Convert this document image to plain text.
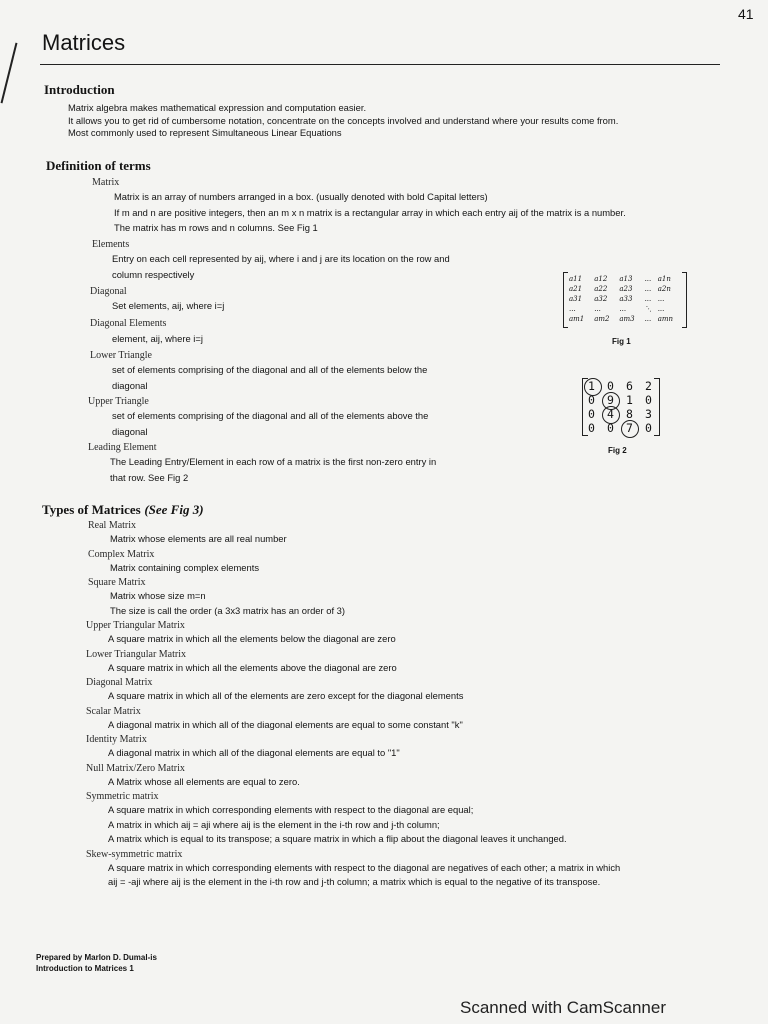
41
Matrices
Introduction
Matrix algebra makes mathematical expression and computation easier.
It allows you to get rid of cumbersome notation, concentrate on the concepts involved and understand where your results come from.
Most commonly used to represent Simultaneous Linear Equations
Definition of terms
Matrix
Matrix is an array of numbers arranged in a box. (usually denoted with bold Capital letters)
If m and n are positive integers, then an m x n matrix is a rectangular array in which each entry aij of the matrix is a number.
The matrix has m rows and n columns. See Fig 1
Elements
Entry on each cell represented by aij, where i and j are its location on the row and
column respectively
Diagonal
Set elements, aij, where i=j
Diagonal Elements
element, aij, where i=j
Lower Triangle
set of elements comprising of the diagonal and all of the elements below the
diagonal
Upper Triangle
set of elements comprising of the diagonal and all of the elements above the
diagonal
Leading Element
The Leading Entry/Element in each row of a matrix is the first non-zero entry in
that row. See Fig 2
a11	a12	a13	...	a1n
a21	a22	a23	...	a2n
a31	a32	a33	...	...
...	...	...	⋱	...
am1	am2	am3	...	amn
Fig 1
1 0 6 2
0 9 1 0
0 4 8 3
0 0 7 0
Fig 2
Types of Matrices (See Fig 3)
Real Matrix
Matrix whose elements are all real number
Complex Matrix
Matrix containing complex elements
Square Matrix
Matrix whose size m=n
The size is call the order (a 3x3 matrix has an order of 3)
Upper Triangular Matrix
A square matrix in which all the elements below the diagonal are zero
Lower Triangular Matrix
A square matrix in which all the elements above the diagonal are zero
Diagonal Matrix
A square matrix in which all of the elements are zero except for the diagonal elements
Scalar Matrix
A diagonal matrix in which all of the diagonal elements are equal to some constant "k"
Identity Matrix
A diagonal matrix in which all of the diagonal elements are equal to "1"
Null Matrix/Zero Matrix
A Matrix whose all elements are equal to zero.
Symmetric matrix
A square matrix in which corresponding elements with respect to the diagonal are equal;
A matrix in which aij = aji where aij is the element in the i-th row and j-th column;
A matrix which is equal to its transpose; a square matrix in which a flip about the diagonal leaves it unchanged.
Skew-symmetric matrix
A square matrix in which corresponding elements with respect to the diagonal are negatives of each other; a matrix in which
aij = -aji where aij is the element in the i-th row and j-th column; a matrix which is equal to the negative of its transpose.
Prepared by Marlon D. Dumal-is
Introduction to Matrices 1
Scanned with CamScanner
